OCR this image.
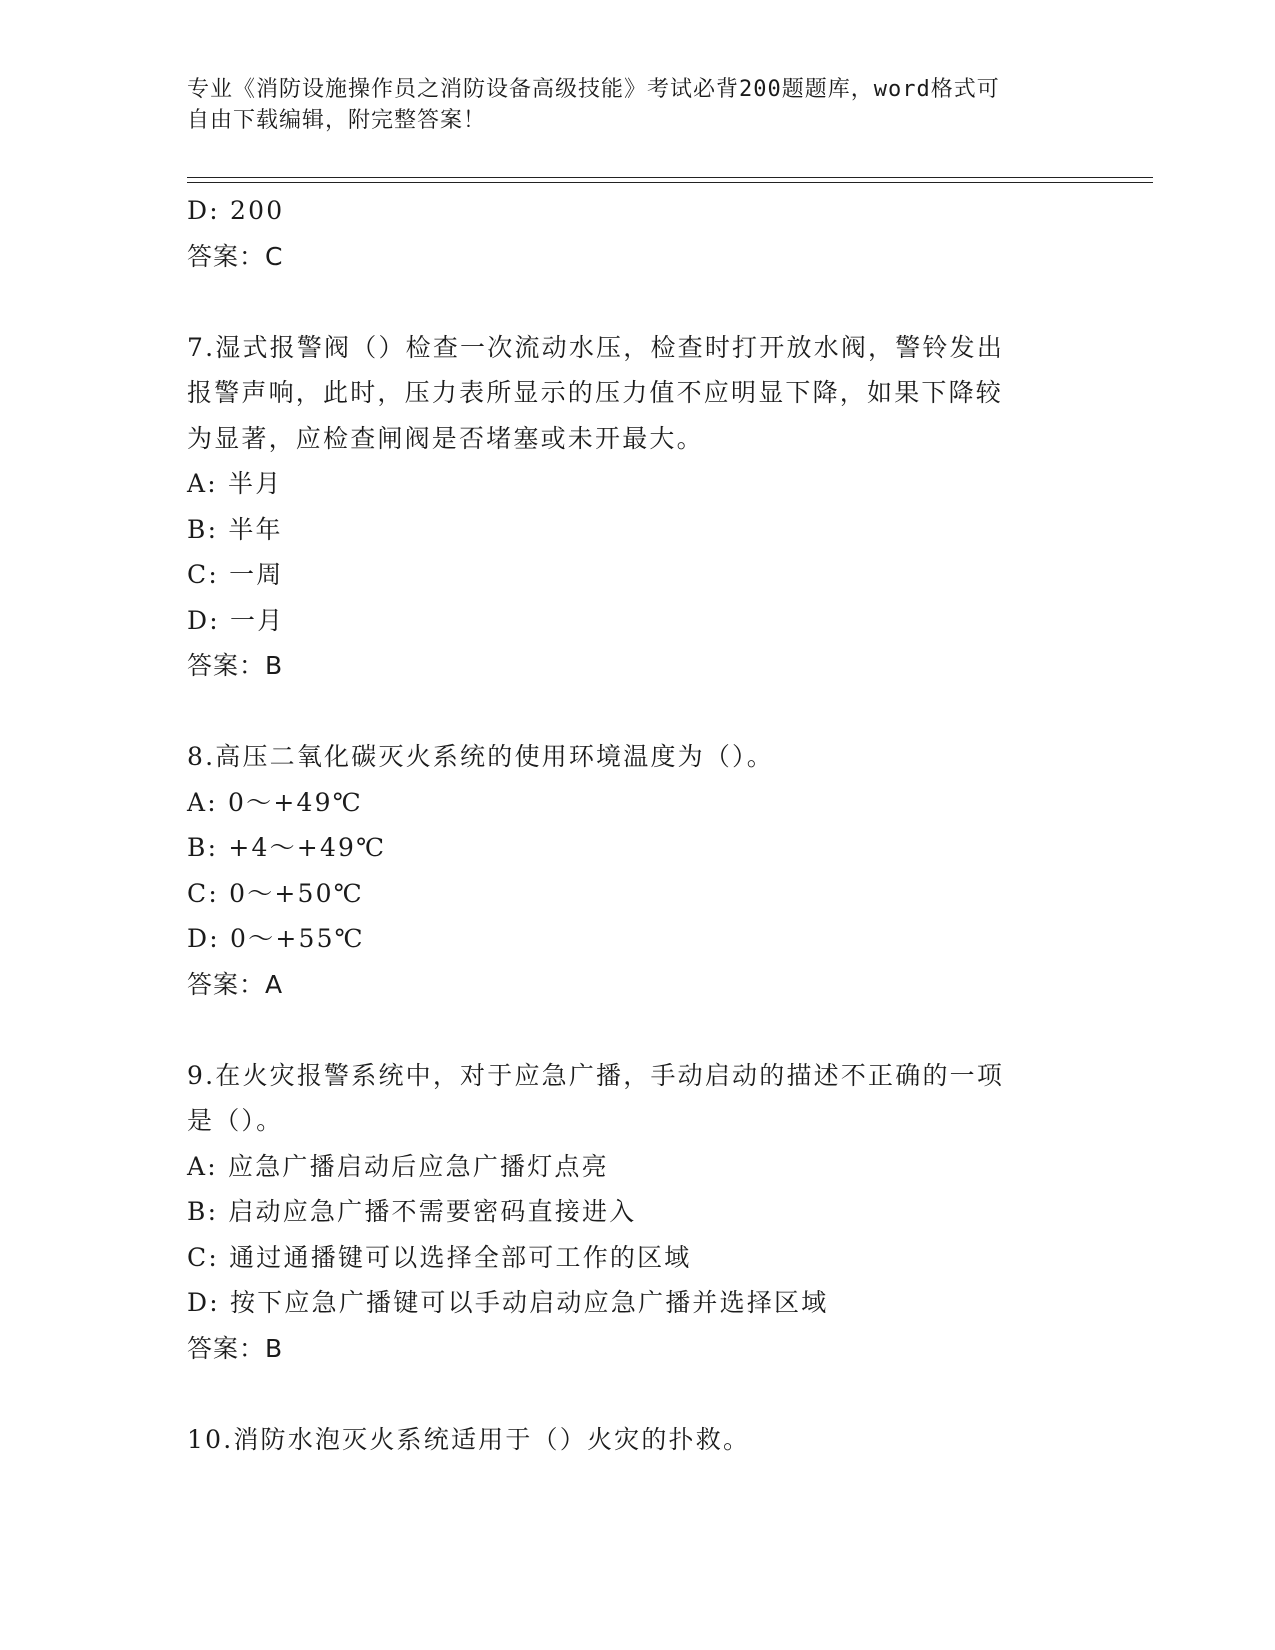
专业《消防设施操作员之消防设备高级技能》考试必背200题题库，word格式可
自由下载编辑，附完整答案！
D: 200
答案：C
7.湿式报警阀（）检查一次流动水压，检查时打开放水阀，警铃发出
报警声响，此时，压力表所显示的压力值不应明显下降，如果下降较
为显著，应检查闸阀是否堵塞或未开最大。
A: 半月
B: 半年
C: 一周
D: 一月
答案：B
8.高压二氧化碳灭火系统的使用环境温度为（）。
A: 0～+49℃
B: +4～+49℃
C: 0～+50℃
D: 0～+55℃
答案：A
9.在火灾报警系统中，对于应急广播，手动启动的描述不正确的一项
是（）。
A: 应急广播启动后应急广播灯点亮
B: 启动应急广播不需要密码直接进入
C: 通过通播键可以选择全部可工作的区域
D: 按下应急广播键可以手动启动应急广播并选择区域
答案：B
10.消防水泡灭火系统适用于（）火灾的扑救。
